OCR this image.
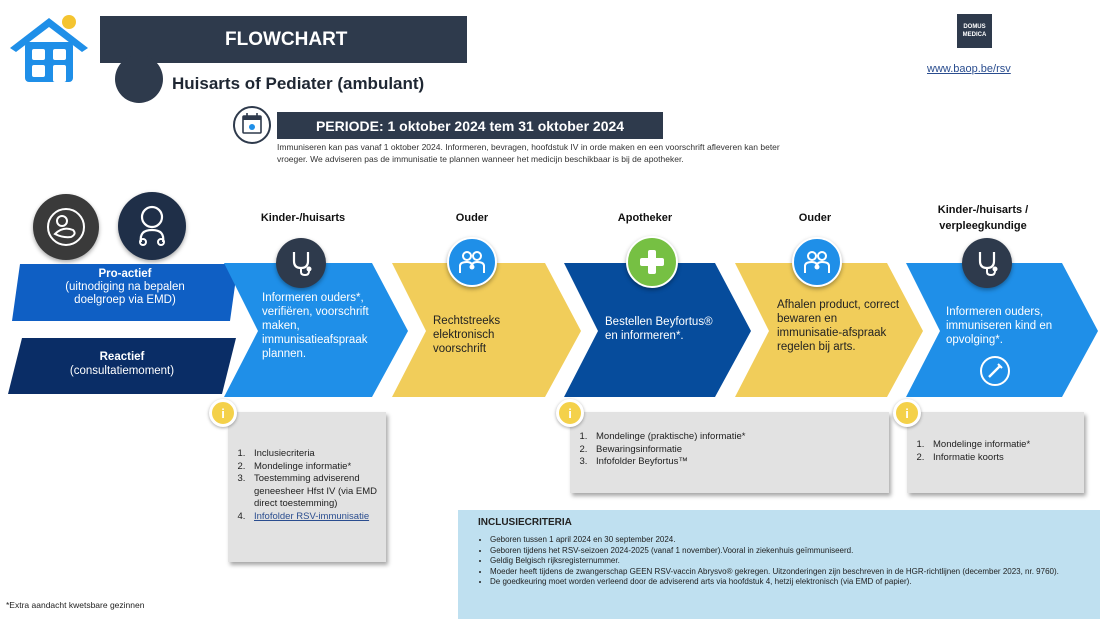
FLOWCHART
Huisarts of Pediater (ambulant)
DOMUS
MEDICA
www.baop.be/rsv
PERIODE: 1 oktober 2024 tem 31 oktober 2024
Immuniseren kan pas vanaf 1 oktober 2024. Informeren, bevragen, hoofdstuk IV in orde maken en een voorschrift afleveren kan beter vroeger. We adviseren pas de immunisatie te plannen wanneer het medicijn beschikbaar is bij de apotheker.
Pro-actief
(uitnodiging na bepalen doelgroep via EMD)
Reactief
(consultatiemoment)
Kinder-/huisarts	Ouder	Apotheker	Ouder
Kinder-/huisarts / verpleegkundige
Informeren ouders*, verifiëren, voorschrift maken, immunisatieafspraak plannen.
Rechtstreeks elektronisch voorschrift
Bestellen Beyfortus® en informeren*.
Afhalen product, correct bewaren en immunisatie-afspraak regelen bij arts.
Informeren ouders, immuniseren kind en opvolging*.
1. Inclusiecriteria
2. Mondelinge informatie*
3. Toestemming adviserend geneesheer Hfst IV (via EMD direct toestemming)
4. Infofolder RSV-immunisatie
1. Mondelinge (praktische) informatie*
2. Bewaringsinformatie
3. Infofolder Beyfortus™
1. Mondelinge informatie*
2. Informatie koorts
i	i	i
INCLUSIECRITERIA
• Geboren tussen 1 april 2024 en 30 september 2024.
• Geboren tijdens het RSV-seizoen 2024-2025 (vanaf 1 november).Vooral in ziekenhuis geïmmuniseerd.
• Geldig Belgisch rijksregisternummer.
• Moeder heeft tijdens de zwangerschap GEEN RSV-vaccin Abrysvo® gekregen. Uitzonderingen zijn beschreven in de HGR-richtlijnen (december 2023, nr. 9760).
• De goedkeuring moet worden verleend door de adviserend arts via hoofdstuk 4, hetzij elektronisch (via EMD of papier).
*Extra aandacht kwetsbare gezinnen
